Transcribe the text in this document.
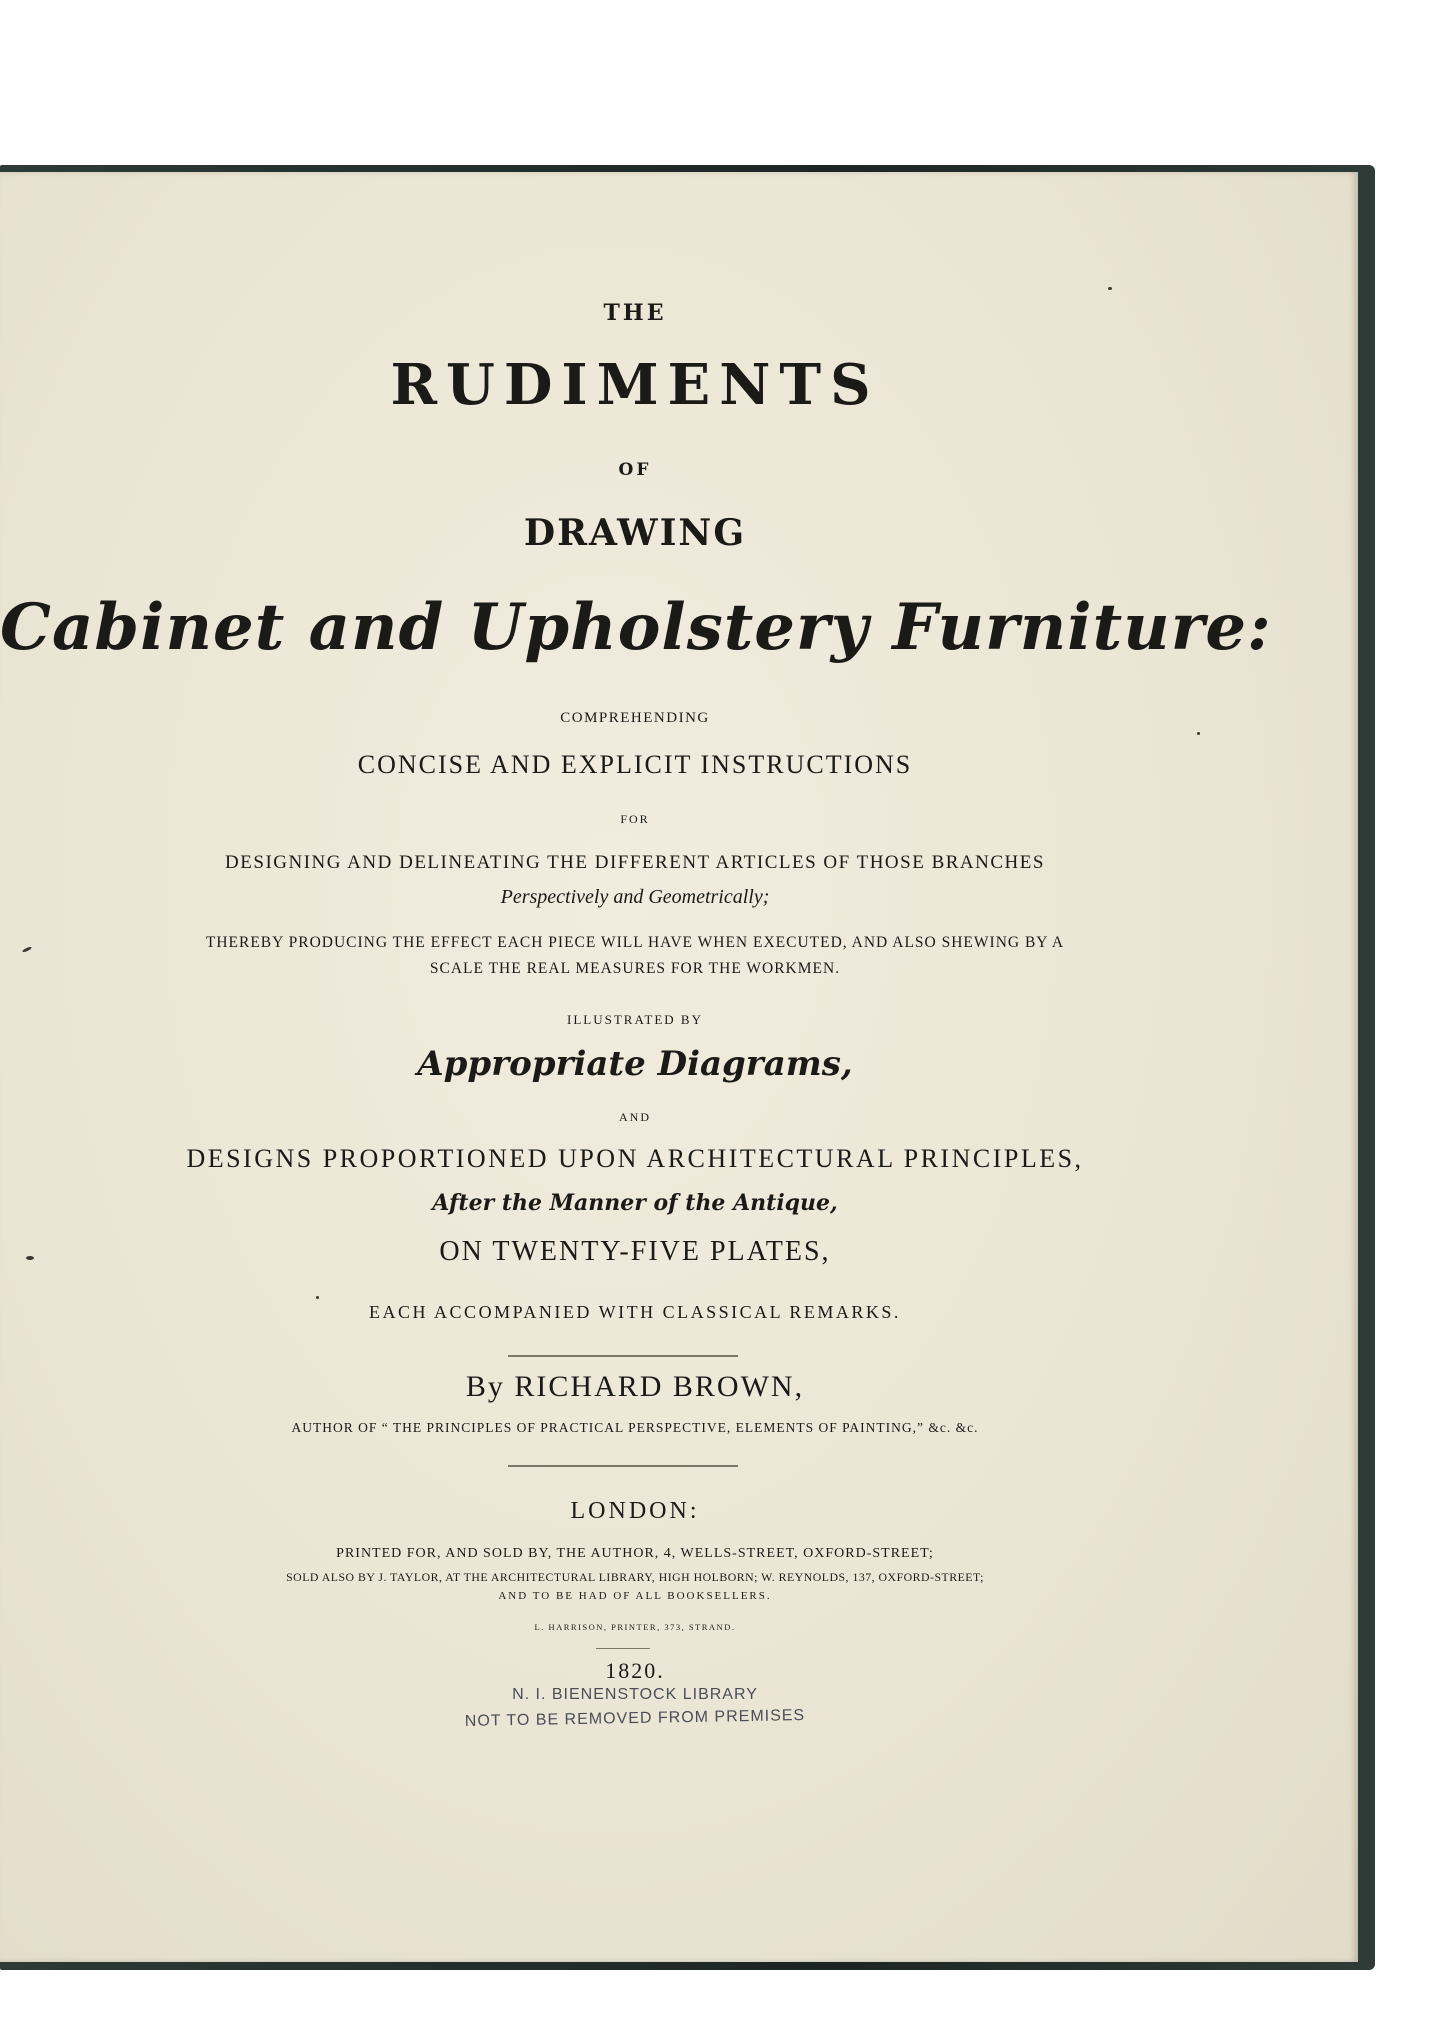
THE
RUDIMENTS
OF
DRAWING
Cabinet and Upholstery Furniture:
COMPREHENDING
CONCISE AND EXPLICIT INSTRUCTIONS
FOR
DESIGNING AND DELINEATING THE DIFFERENT ARTICLES OF THOSE BRANCHES
Perspectively and Geometrically;
THEREBY PRODUCING THE EFFECT EACH PIECE WILL HAVE WHEN EXECUTED, AND ALSO SHEWING BY A
SCALE THE REAL MEASURES FOR THE WORKMEN.
ILLUSTRATED BY
Appropriate Diagrams,
AND
DESIGNS PROPORTIONED UPON ARCHITECTURAL PRINCIPLES,
After the Manner of the Antique,
ON TWENTY-FIVE PLATES,
EACH ACCOMPANIED WITH CLASSICAL REMARKS.
By RICHARD BROWN,
AUTHOR OF “ THE PRINCIPLES OF PRACTICAL PERSPECTIVE, ELEMENTS OF PAINTING,” &c. &c.
LONDON:
PRINTED FOR, AND SOLD BY, THE AUTHOR, 4, WELLS-STREET, OXFORD-STREET;
SOLD ALSO BY J. TAYLOR, AT THE ARCHITECTURAL LIBRARY, HIGH HOLBORN; W. REYNOLDS, 137, OXFORD-STREET;
AND TO BE HAD OF ALL BOOKSELLERS.
L. HARRISON, PRINTER, 373, STRAND.
1820.
N. I. BIENENSTOCK LIBRARY
NOT TO BE REMOVED FROM PREMISES
